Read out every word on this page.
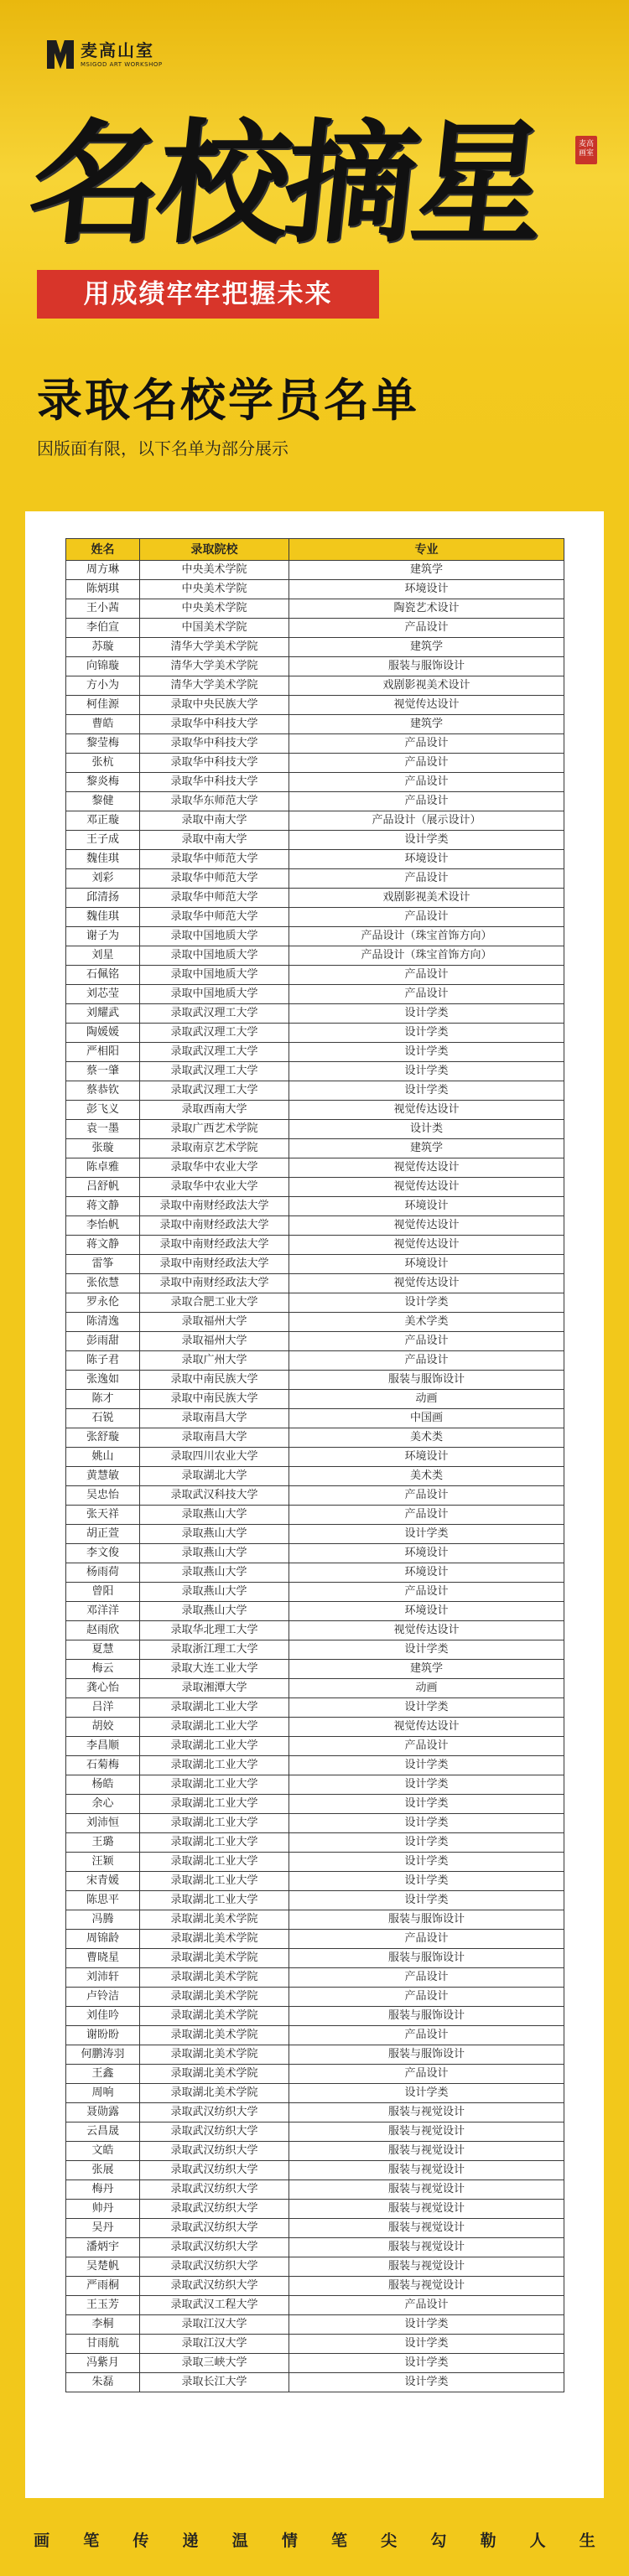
麦高山室
MSIGOD ART WORKSHOP
名校摘星	麦高画室
用成绩牢牢把握未来
录取名校学员名单
因版面有限，以下名单为部分展示
姓名	录取院校	专业
周方琳	中央美术学院	建筑学
陈炳琪	中央美术学院	环境设计
王小茜	中央美术学院	陶瓷艺术设计
李伯宣	中国美术学院	产品设计
苏璇	清华大学美术学院	建筑学
向锦璇	清华大学美术学院	服装与服饰设计
方小为	清华大学美术学院	戏剧影视美术设计
柯佳源	录取中央民族大学	视觉传达设计
曹皓	录取华中科技大学	建筑学
黎莹梅	录取华中科技大学	产品设计
张杭	录取华中科技大学	产品设计
黎炎梅	录取华中科技大学	产品设计
黎健	录取华东师范大学	产品设计
邓正璇	录取中南大学	产品设计（展示设计）
王子成	录取中南大学	设计学类
魏佳琪	录取华中师范大学	环境设计
刘彩	录取华中师范大学	产品设计
邱清扬	录取华中师范大学	戏剧影视美术设计
魏佳琪	录取华中师范大学	产品设计
谢子为	录取中国地质大学	产品设计（珠宝首饰方向）
刘星	录取中国地质大学	产品设计（珠宝首饰方向）
石佩铭	录取中国地质大学	产品设计
刘芯莹	录取中国地质大学	产品设计
刘耀武	录取武汉理工大学	设计学类
陶媛媛	录取武汉理工大学	设计学类
严相阳	录取武汉理工大学	设计学类
蔡一肇	录取武汉理工大学	设计学类
蔡恭钦	录取武汉理工大学	设计学类
彭飞义	录取西南大学	视觉传达设计
袁一墨	录取广西艺术学院	设计类
张璇	录取南京艺术学院	建筑学
陈卓雅	录取华中农业大学	视觉传达设计
吕舒帆	录取华中农业大学	视觉传达设计
蒋文静	录取中南财经政法大学	环境设计
李怡帆	录取中南财经政法大学	视觉传达设计
蒋文静	录取中南财经政法大学	视觉传达设计
雷筝	录取中南财经政法大学	环境设计
张依慧	录取中南财经政法大学	视觉传达设计
罗永伦	录取合肥工业大学	设计学类
陈清逸	录取福州大学	美术学类
彭雨甜	录取福州大学	产品设计
陈子君	录取广州大学	产品设计
张逸如	录取中南民族大学	服装与服饰设计
陈才	录取中南民族大学	动画
石锐	录取南昌大学	中国画
张舒璇	录取南昌大学	美术类
姚山	录取四川农业大学	环境设计
黄慧敏	录取湖北大学	美术类
吴忠怡	录取武汉科技大学	产品设计
张天祥	录取燕山大学	产品设计
胡正萱	录取燕山大学	设计学类
李文俊	录取燕山大学	环境设计
杨雨荷	录取燕山大学	环境设计
曾阳	录取燕山大学	产品设计
邓洋洋	录取燕山大学	环境设计
赵雨欣	录取华北理工大学	视觉传达设计
夏慧	录取浙江理工大学	设计学类
梅云	录取大连工业大学	建筑学
龚心怡	录取湘潭大学	动画
吕洋	录取湖北工业大学	设计学类
胡姣	录取湖北工业大学	视觉传达设计
李昌顺	录取湖北工业大学	产品设计
石菊梅	录取湖北工业大学	设计学类
杨皓	录取湖北工业大学	设计学类
余心	录取湖北工业大学	设计学类
刘沛恒	录取湖北工业大学	设计学类
王璐	录取湖北工业大学	设计学类
汪颖	录取湖北工业大学	设计学类
宋青媛	录取湖北工业大学	设计学类
陈思平	录取湖北工业大学	设计学类
冯腾	录取湖北美术学院	服装与服饰设计
周锦龄	录取湖北美术学院	产品设计
曹晓星	录取湖北美术学院	服装与服饰设计
刘沛轩	录取湖北美术学院	产品设计
卢铃洁	录取湖北美术学院	产品设计
刘佳吟	录取湖北美术学院	服装与服饰设计
谢盼盼	录取湖北美术学院	产品设计
何鹏涛羽	录取湖北美术学院	服装与服饰设计
王鑫	录取湖北美术学院	产品设计
周响	录取湖北美术学院	设计学类
聂勋露	录取武汉纺织大学	服装与视觉设计
云昌晟	录取武汉纺织大学	服装与视觉设计
文皓	录取武汉纺织大学	服装与视觉设计
张展	录取武汉纺织大学	服装与视觉设计
梅丹	录取武汉纺织大学	服装与视觉设计
帅丹	录取武汉纺织大学	服装与视觉设计
吴丹	录取武汉纺织大学	服装与视觉设计
潘炳宇	录取武汉纺织大学	服装与视觉设计
吴楚帆	录取武汉纺织大学	服装与视觉设计
严雨桐	录取武汉纺织大学	服装与视觉设计
王玉芳	录取武汉工程大学	产品设计
李桐	录取江汉大学	设计学类
甘雨航	录取江汉大学	设计学类
冯紫月	录取三峡大学	设计学类
朱磊	录取长江大学	设计学类
画 笔 传 递 温 情 笔 尖 勾 勒 人 生
